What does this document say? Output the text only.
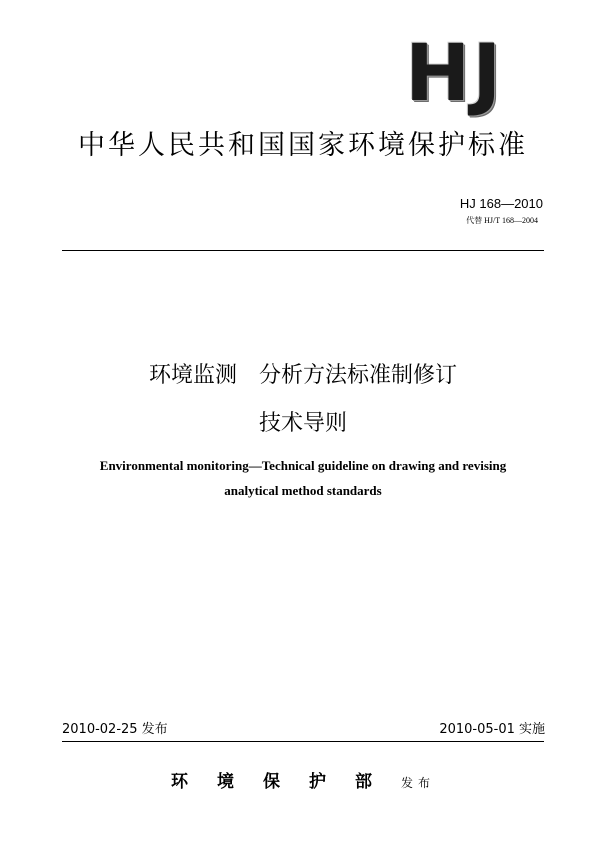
HJ
中华人民共和国国家环境保护标准
HJ 168—2010
代替 HJ/T 168—2004
环境监测　分析方法标准制修订
技术导则
Environmental monitoring—Technical guideline on drawing and revising
analytical method standards
2010-02-25 发布	2010-05-01 实施
环境保护部发布
